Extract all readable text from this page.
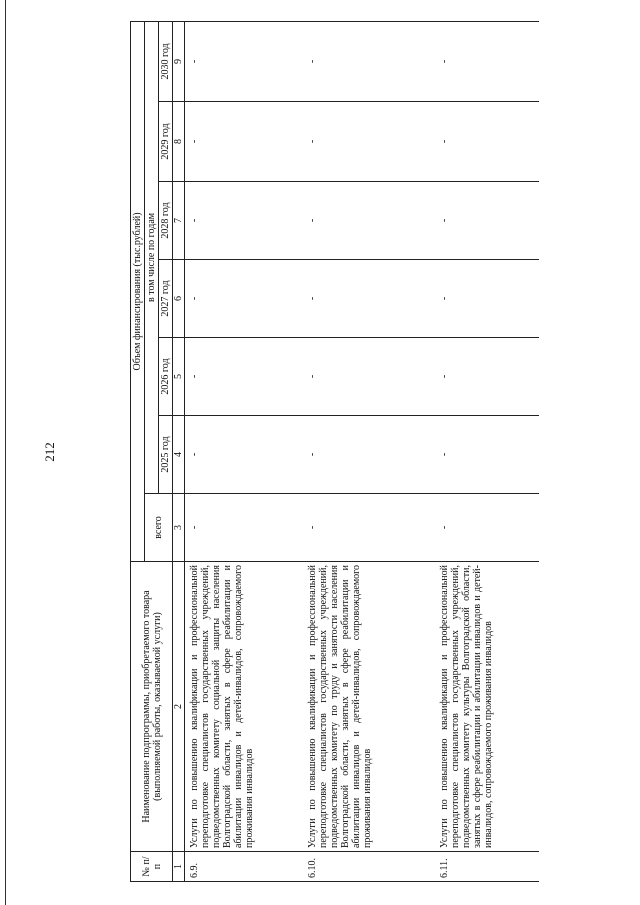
212
№ п/п	Наименование подпрограммы, приобретаемого товара (выполняемой работы, оказываемой услуги)	Объем финансирования (тыс.рублей)						
		всего	в том числе по годам					
			2025 год	2026 год	2027 год	2028 год	2029 год	2030 год
1	2	3	4	5	6	7	8	9
6.9.	Услуги по повышению квалификации и профессиональной переподготовке специалистов государственных учреждений, подведомственных комитету социальной защиты населения Волгоградской области, занятых в сфере реабилитации и абилитации инвалидов и детей-инвалидов, сопровождаемого проживания инвалидов	-	-	-	-	-	-	-
6.10.	Услуги по повышению квалификации и профессиональной переподготовке специалистов государственных учреждений, подведомственных комитету по труду и занятости населения Волгоградской области, занятых в сфере реабилитации и абилитации инвалидов и детей-инвалидов, сопровождаемого проживания инвалидов	-	-	-	-	-	-	-
6.11.	Услуги по повышению квалификации и профессиональной переподготовке специалистов государственных учреждений, подведомственных комитету культуры Волгоградской области, занятых в сфере реабилитации и абилитации инвалидов и детей-инвалидов, сопровождаемого проживания инвалидов	-	-	-	-	-	-	-
